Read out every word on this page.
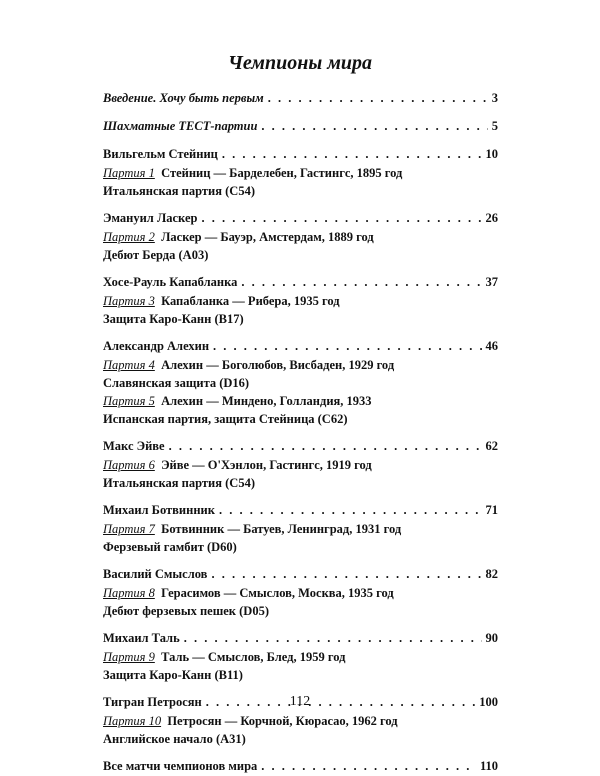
Чемпионы мира
Введение. Хочу быть первым . . .	3
Шахматные ТЕСТ-партии . . .	5
Вильгельм Стейниц . . .	10
Партия 1 Стейниц — Барделебен, Гастингс, 1895 год
Итальянская партия (С54)
Эмануил Ласкер . . .	26
Партия 2 Ласкер — Бауэр, Амстердам, 1889 год
Дебют Берда (А03)
Хосе-Рауль Капабланка . . .	37
Партия 3 Капабланка — Рибера, 1935 год
Защита Каро-Канн (В17)
Александр Алехин . . .	46
Партия 4 Алехин — Боголюбов, Висбаден, 1929 год
Славянская защита (D16)
Партия 5 Алехин — Миндено, Голландия, 1933
Испанская партия, защита Стейница (С62)
Макс Эйве . . .	62
Партия 6 Эйве — О'Хэнлон, Гастингс, 1919 год
Итальянская партия (С54)
Михаил Ботвинник . . .	71
Партия 7 Ботвинник — Батуев, Ленинград, 1931 год
Ферзевый гамбит (D60)
Василий Смыслов . . .	82
Партия 8 Герасимов — Смыслов, Москва, 1935 год
Дебют ферзевых пешек (D05)
Михаил Таль . . .	90
Партия 9 Таль — Смыслов, Блед, 1959 год
Защита Каро-Канн (В11)
Тигран Петросян . . .	100
Партия 10 Петросян — Корчной, Кюрасао, 1962 год
Английское начало (А31)
Все матчи чемпионов мира . . .	110
112
